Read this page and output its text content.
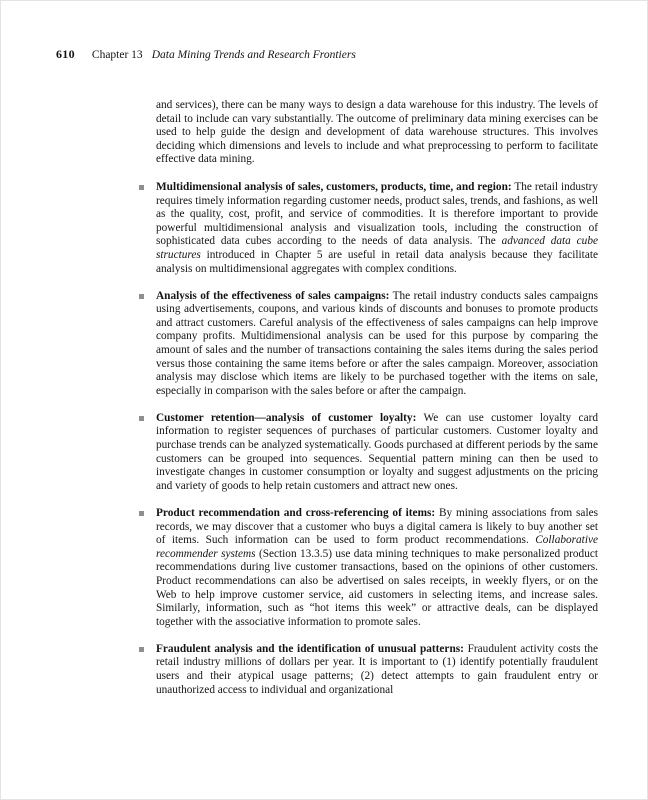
610 Chapter 13 Data Mining Trends and Research Frontiers

and services), there can be many ways to design a data warehouse for this industry. The levels of detail to include can vary substantially. The outcome of preliminary data mining exercises can be used to help guide the design and development of data warehouse structures. This involves deciding which dimensions and levels to include and what preprocessing to perform to facilitate effective data mining.

Multidimensional analysis of sales, customers, products, time, and region: The retail industry requires timely information regarding customer needs, product sales, trends, and fashions, as well as the quality, cost, profit, and service of commodities. It is therefore important to provide powerful multidimensional analysis and visualization tools, including the construction of sophisticated data cubes according to the needs of data analysis. The advanced data cube structures introduced in Chapter 5 are useful in retail data analysis because they facilitate analysis on multidimensional aggregates with complex conditions.
Analysis of the effectiveness of sales campaigns: The retail industry conducts sales campaigns using advertisements, coupons, and various kinds of discounts and bonuses to promote products and attract customers. Careful analysis of the effectiveness of sales campaigns can help improve company profits. Multidimensional analysis can be used for this purpose by comparing the amount of sales and the number of transactions containing the sales items during the sales period versus those containing the same items before or after the sales campaign. Moreover, association analysis may disclose which items are likely to be purchased together with the items on sale, especially in comparison with the sales before or after the campaign.
Customer retention—analysis of customer loyalty: We can use customer loyalty card information to register sequences of purchases of particular customers. Customer loyalty and purchase trends can be analyzed systematically. Goods purchased at different periods by the same customers can be grouped into sequences. Sequential pattern mining can then be used to investigate changes in customer consumption or loyalty and suggest adjustments on the pricing and variety of goods to help retain customers and attract new ones.
Product recommendation and cross-referencing of items: By mining associations from sales records, we may discover that a customer who buys a digital camera is likely to buy another set of items. Such information can be used to form product recommendations. Collaborative recommender systems (Section 13.3.5) use data mining techniques to make personalized product recommendations during live customer transactions, based on the opinions of other customers. Product recommendations can also be advertised on sales receipts, in weekly flyers, or on the Web to help improve customer service, aid customers in selecting items, and increase sales. Similarly, information, such as “hot items this week” or attractive deals, can be displayed together with the associative information to promote sales.
Fraudulent analysis and the identification of unusual patterns: Fraudulent activity costs the retail industry millions of dollars per year. It is important to (1) identify potentially fraudulent users and their atypical usage patterns; (2) detect attempts to gain fraudulent entry or unauthorized access to individual and organizational
